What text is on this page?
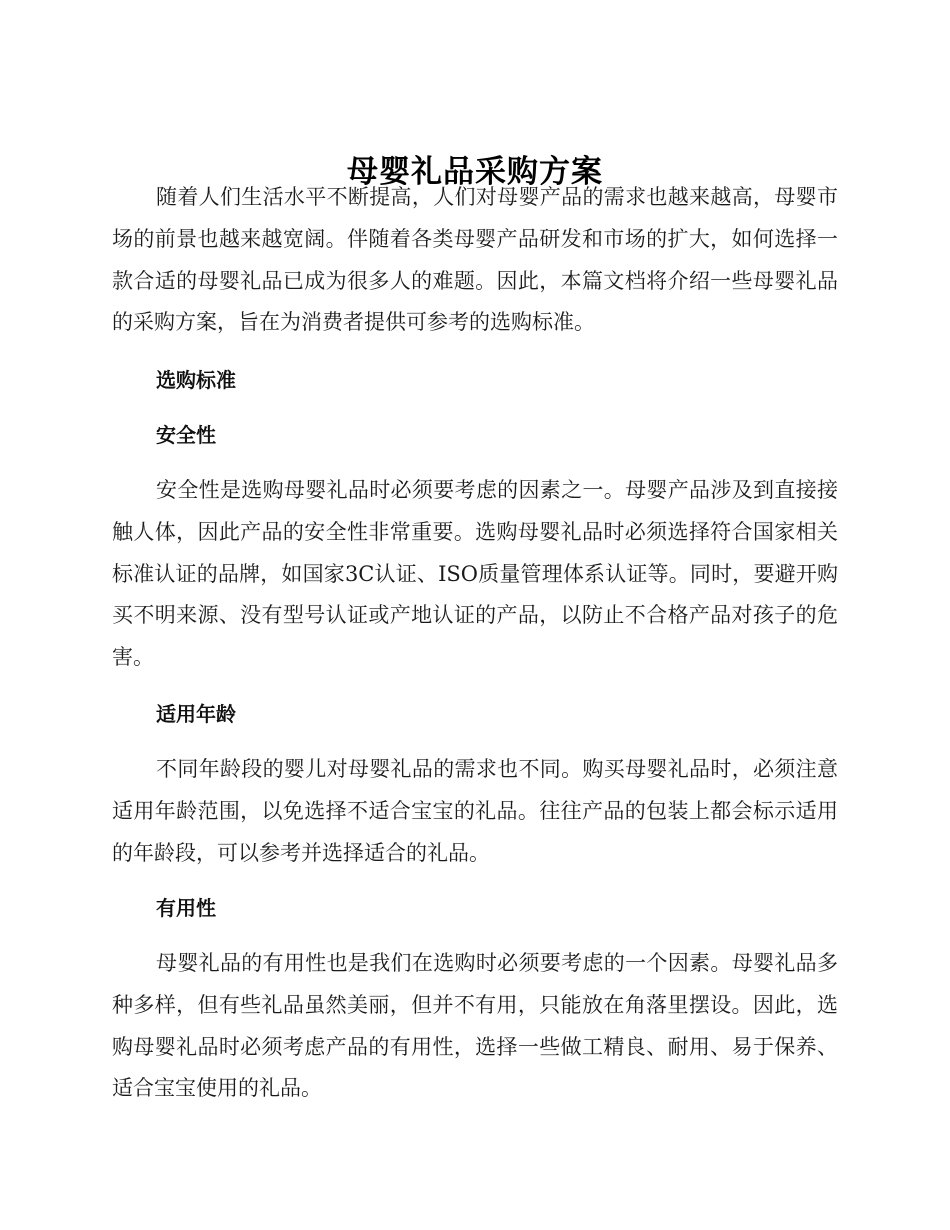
母婴礼品采购方案

随着人们生活水平不断提高，人们对母婴产品的需求也越来越高，母婴市场的前景也越来越宽阔。伴随着各类母婴产品研发和市场的扩大，如何选择一款合适的母婴礼品已成为很多人的难题。因此，本篇文档将介绍一些母婴礼品的采购方案，旨在为消费者提供可参考的选购标准。

选购标准
安全性

安全性是选购母婴礼品时必须要考虑的因素之一。母婴产品涉及到直接接触人体，因此产品的安全性非常重要。选购母婴礼品时必须选择符合国家相关标准认证的品牌，如国家3C认证、ISO质量管理体系认证等。同时，要避开购买不明来源、没有型号认证或产地认证的产品，以防止不合格产品对孩子的危害。

适用年龄

不同年龄段的婴儿对母婴礼品的需求也不同。购买母婴礼品时，必须注意适用年龄范围，以免选择不适合宝宝的礼品。往往产品的包装上都会标示适用的年龄段，可以参考并选择适合的礼品。

有用性

母婴礼品的有用性也是我们在选购时必须要考虑的一个因素。母婴礼品多种多样，但有些礼品虽然美丽，但并不有用，只能放在角落里摆设。因此，选购母婴礼品时必须考虑产品的有用性，选择一些做工精良、耐用、易于保养、适合宝宝使用的礼品。
